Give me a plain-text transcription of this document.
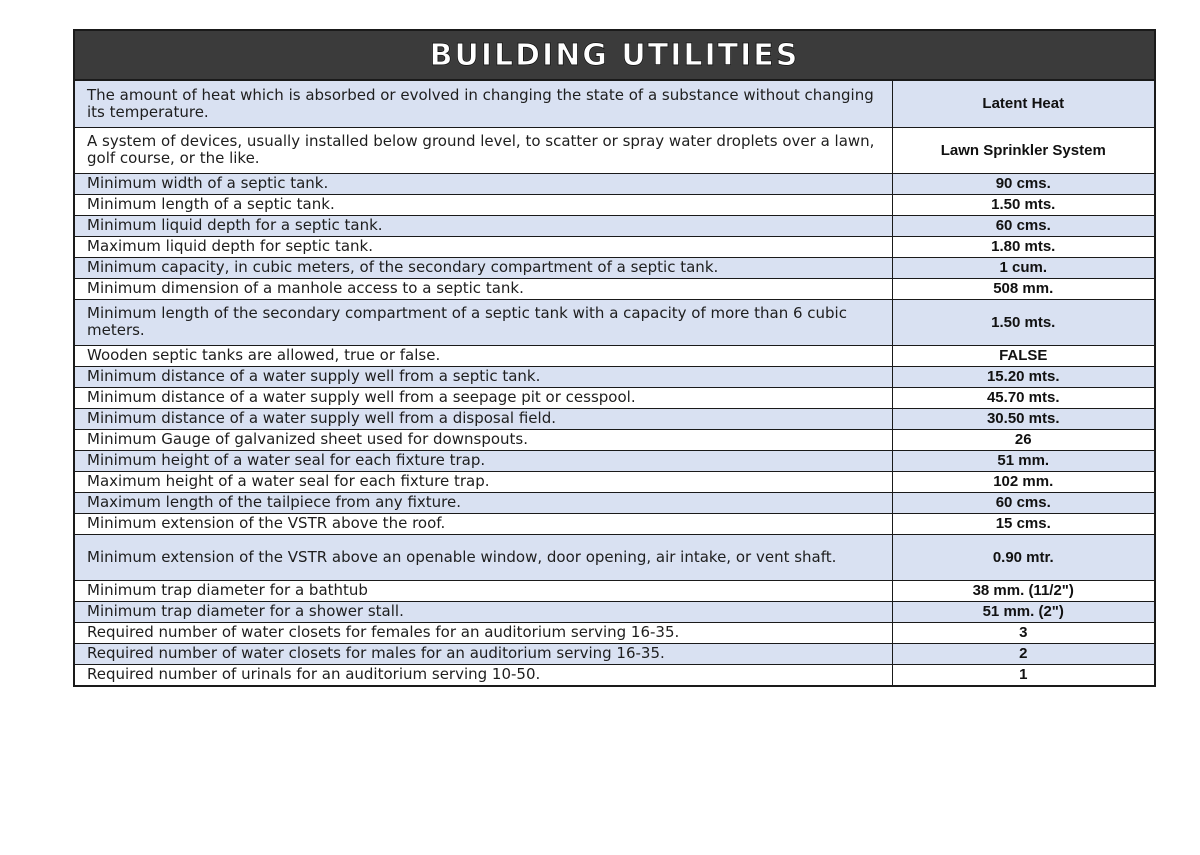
BUILDING UTILITIES
The amount of heat which is absorbed or evolved in changing the state of a substance without changing its temperature.	Latent Heat
A system of devices, usually installed below ground level, to scatter or spray water droplets over a lawn, golf course, or the like.	Lawn Sprinkler System
Minimum width of a septic tank.	90 cms.
Minimum length of a septic tank.	1.50 mts.
Minimum liquid depth for a septic tank.	60 cms.
Maximum liquid depth for septic tank.	1.80 mts.
Minimum capacity, in cubic meters, of the secondary compartment of a septic tank.	1 cum.
Minimum dimension of a manhole access to a septic tank.	508 mm.
Minimum length of the secondary compartment of a septic tank with a capacity of more than 6 cubic meters.	1.50 mts.
Wooden septic tanks are allowed, true or false.	FALSE
Minimum distance of a water supply well from a septic tank.	15.20 mts.
Minimum distance of a water supply well from a seepage pit or cesspool.	45.70 mts.
Minimum distance of a water supply well from a disposal field.	30.50 mts.
Minimum Gauge of galvanized sheet used for downspouts.	26
Minimum height of a water seal for each fixture trap.	51 mm.
Maximum height of a water seal for each fixture trap.	102 mm.
Maximum length of the tailpiece from any fixture.	60 cms.
Minimum extension of the VSTR above the roof.	15 cms.
Minimum extension of the VSTR above an openable window, door opening, air intake, or vent shaft.	0.90 mtr.
Minimum trap diameter for a bathtub	38 mm. (11/2")
Minimum trap diameter for a shower stall.	51 mm. (2")
Required number of water closets for females for an auditorium serving 16-35.	3
Required number of water closets for males for an auditorium serving 16-35.	2
Required number of urinals for an auditorium serving 10-50.	1
